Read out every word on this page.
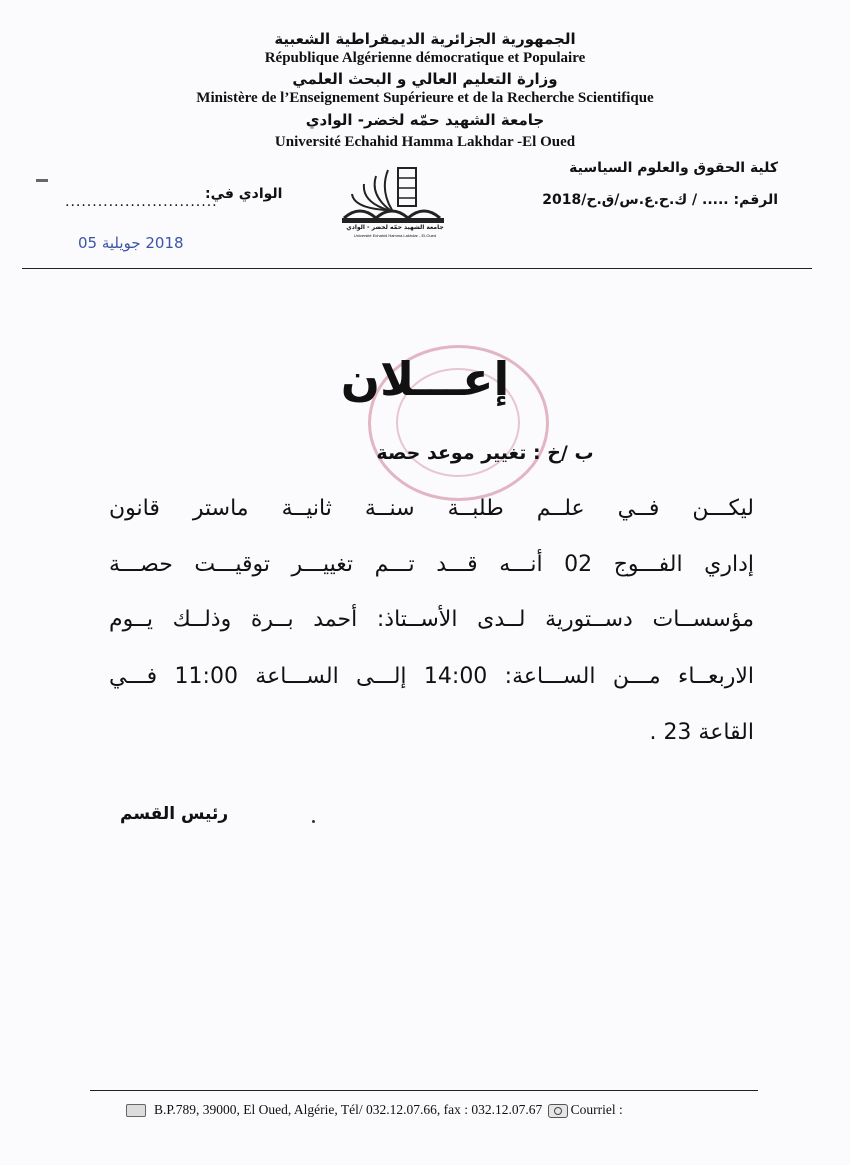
الجمهورية الجزائرية الديمقراطية الشعبية
République Algérienne démocratique et Populaire
وزارة التعليم العالي و البحث العلمي
Ministère de l’Enseignement Supérieure et de la Recherche Scientifique
جامعة الشهيد حمّه لخضر- الوادي
Université Echahid Hamma Lakhdar -El Oued
كلية الحقوق والعلوم السياسية
الرقم: ..... / ك.ح.ع.س/ق.ح/2018
الوادي في:
............................
جامعة الشهيد حمّه لخضر - الوادي
Université Echahid Hamma Lakhdar - El-Oued
2018 جويلية 05
إعـــلان
ب /خ : تغيير موعد حصة
ليكـــن فــي علــم طلبــة سنــة ثانيــة ماستر قانون
إداري الفـــوج 02 أنـــه قـــد تـــم تغييـــر توقيـــت حصـــة
مؤسســات دســتورية لــدى الأســتاذ: أحمد بــرة وذلــك يــوم
الاربعــاء مـــن الســـاعة: 14:00 إلـــى الســـاعة 11:00 فـــي
القاعة 23 .
رئيس القسم
B.P.789, 39000, El Oued, Algérie, Tél/ 032.12.07.66, fax : 032.12.07.67 Courriel :
